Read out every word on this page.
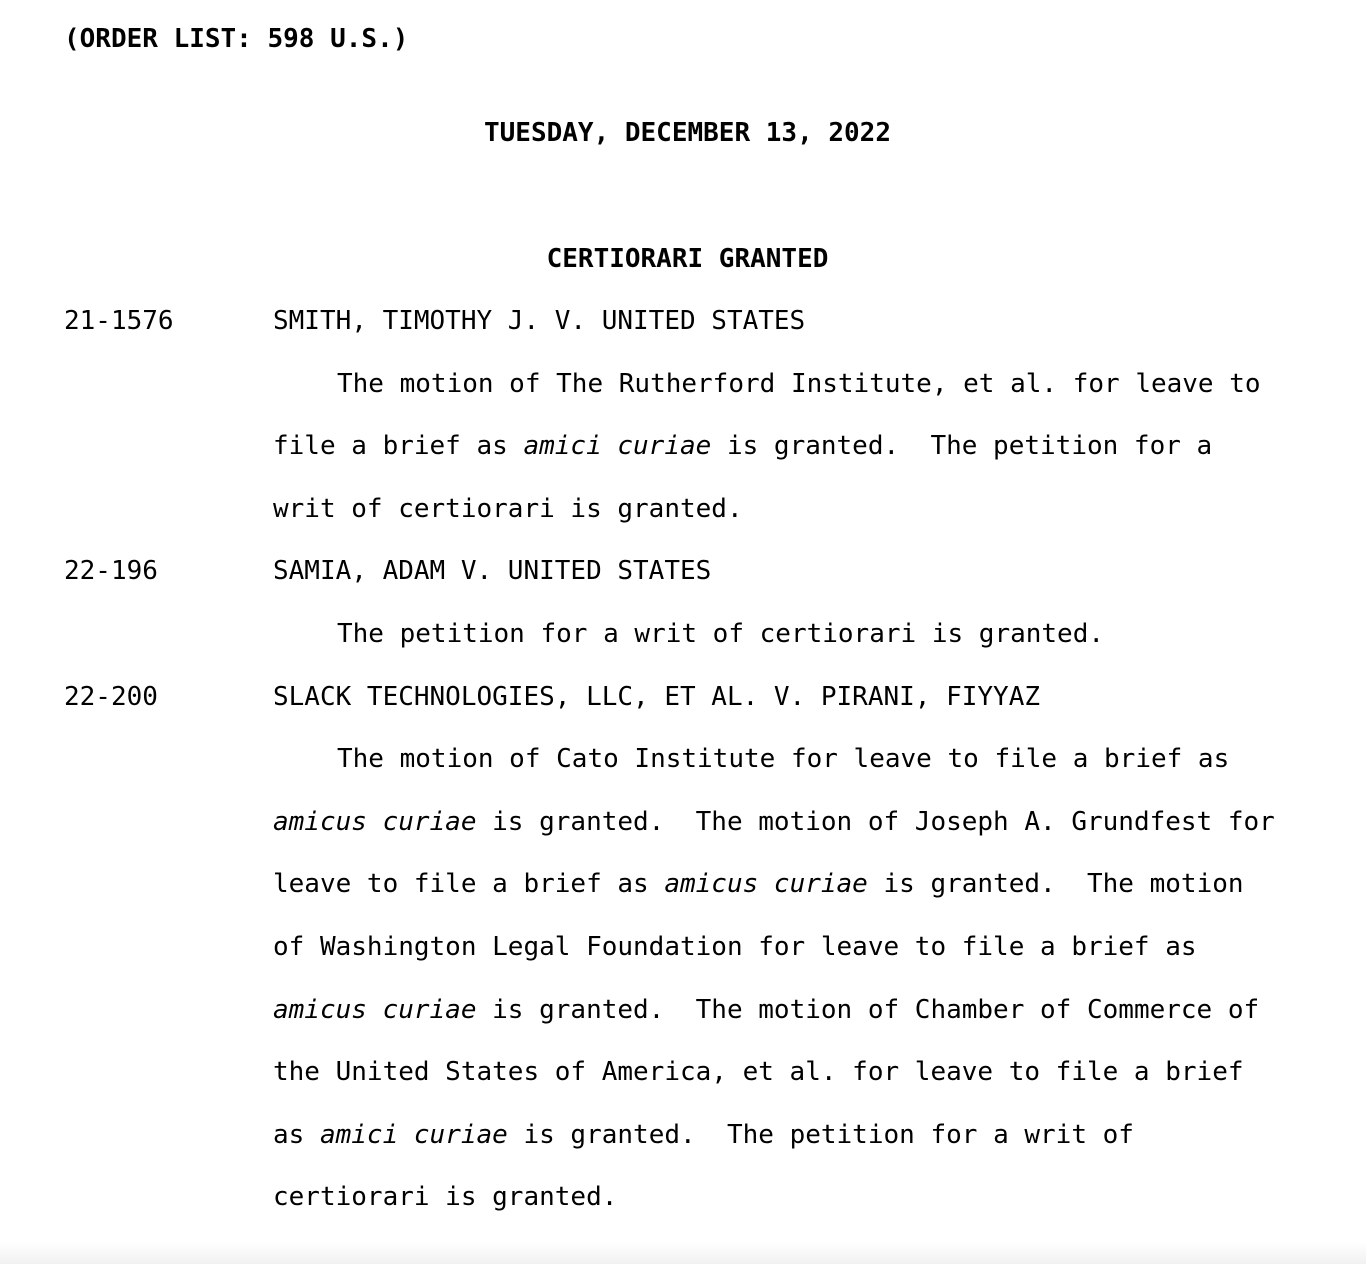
(ORDER LIST: 598 U.S.)
TUESDAY, DECEMBER 13, 2022
CERTIORARI GRANTED
21-1576	SMITH, TIMOTHY J. V. UNITED STATES
The motion of The Rutherford Institute, et al. for leave to
file a brief as amici curiae is granted.  The petition for a
writ of certiorari is granted.
22-196	SAMIA, ADAM V. UNITED STATES
The petition for a writ of certiorari is granted.
22-200	SLACK TECHNOLOGIES, LLC, ET AL. V. PIRANI, FIYYAZ
The motion of Cato Institute for leave to file a brief as
amicus curiae is granted.  The motion of Joseph A. Grundfest for
leave to file a brief as amicus curiae is granted.  The motion
of Washington Legal Foundation for leave to file a brief as
amicus curiae is granted.  The motion of Chamber of Commerce of
the United States of America, et al. for leave to file a brief
as amici curiae is granted.  The petition for a writ of
certiorari is granted.
